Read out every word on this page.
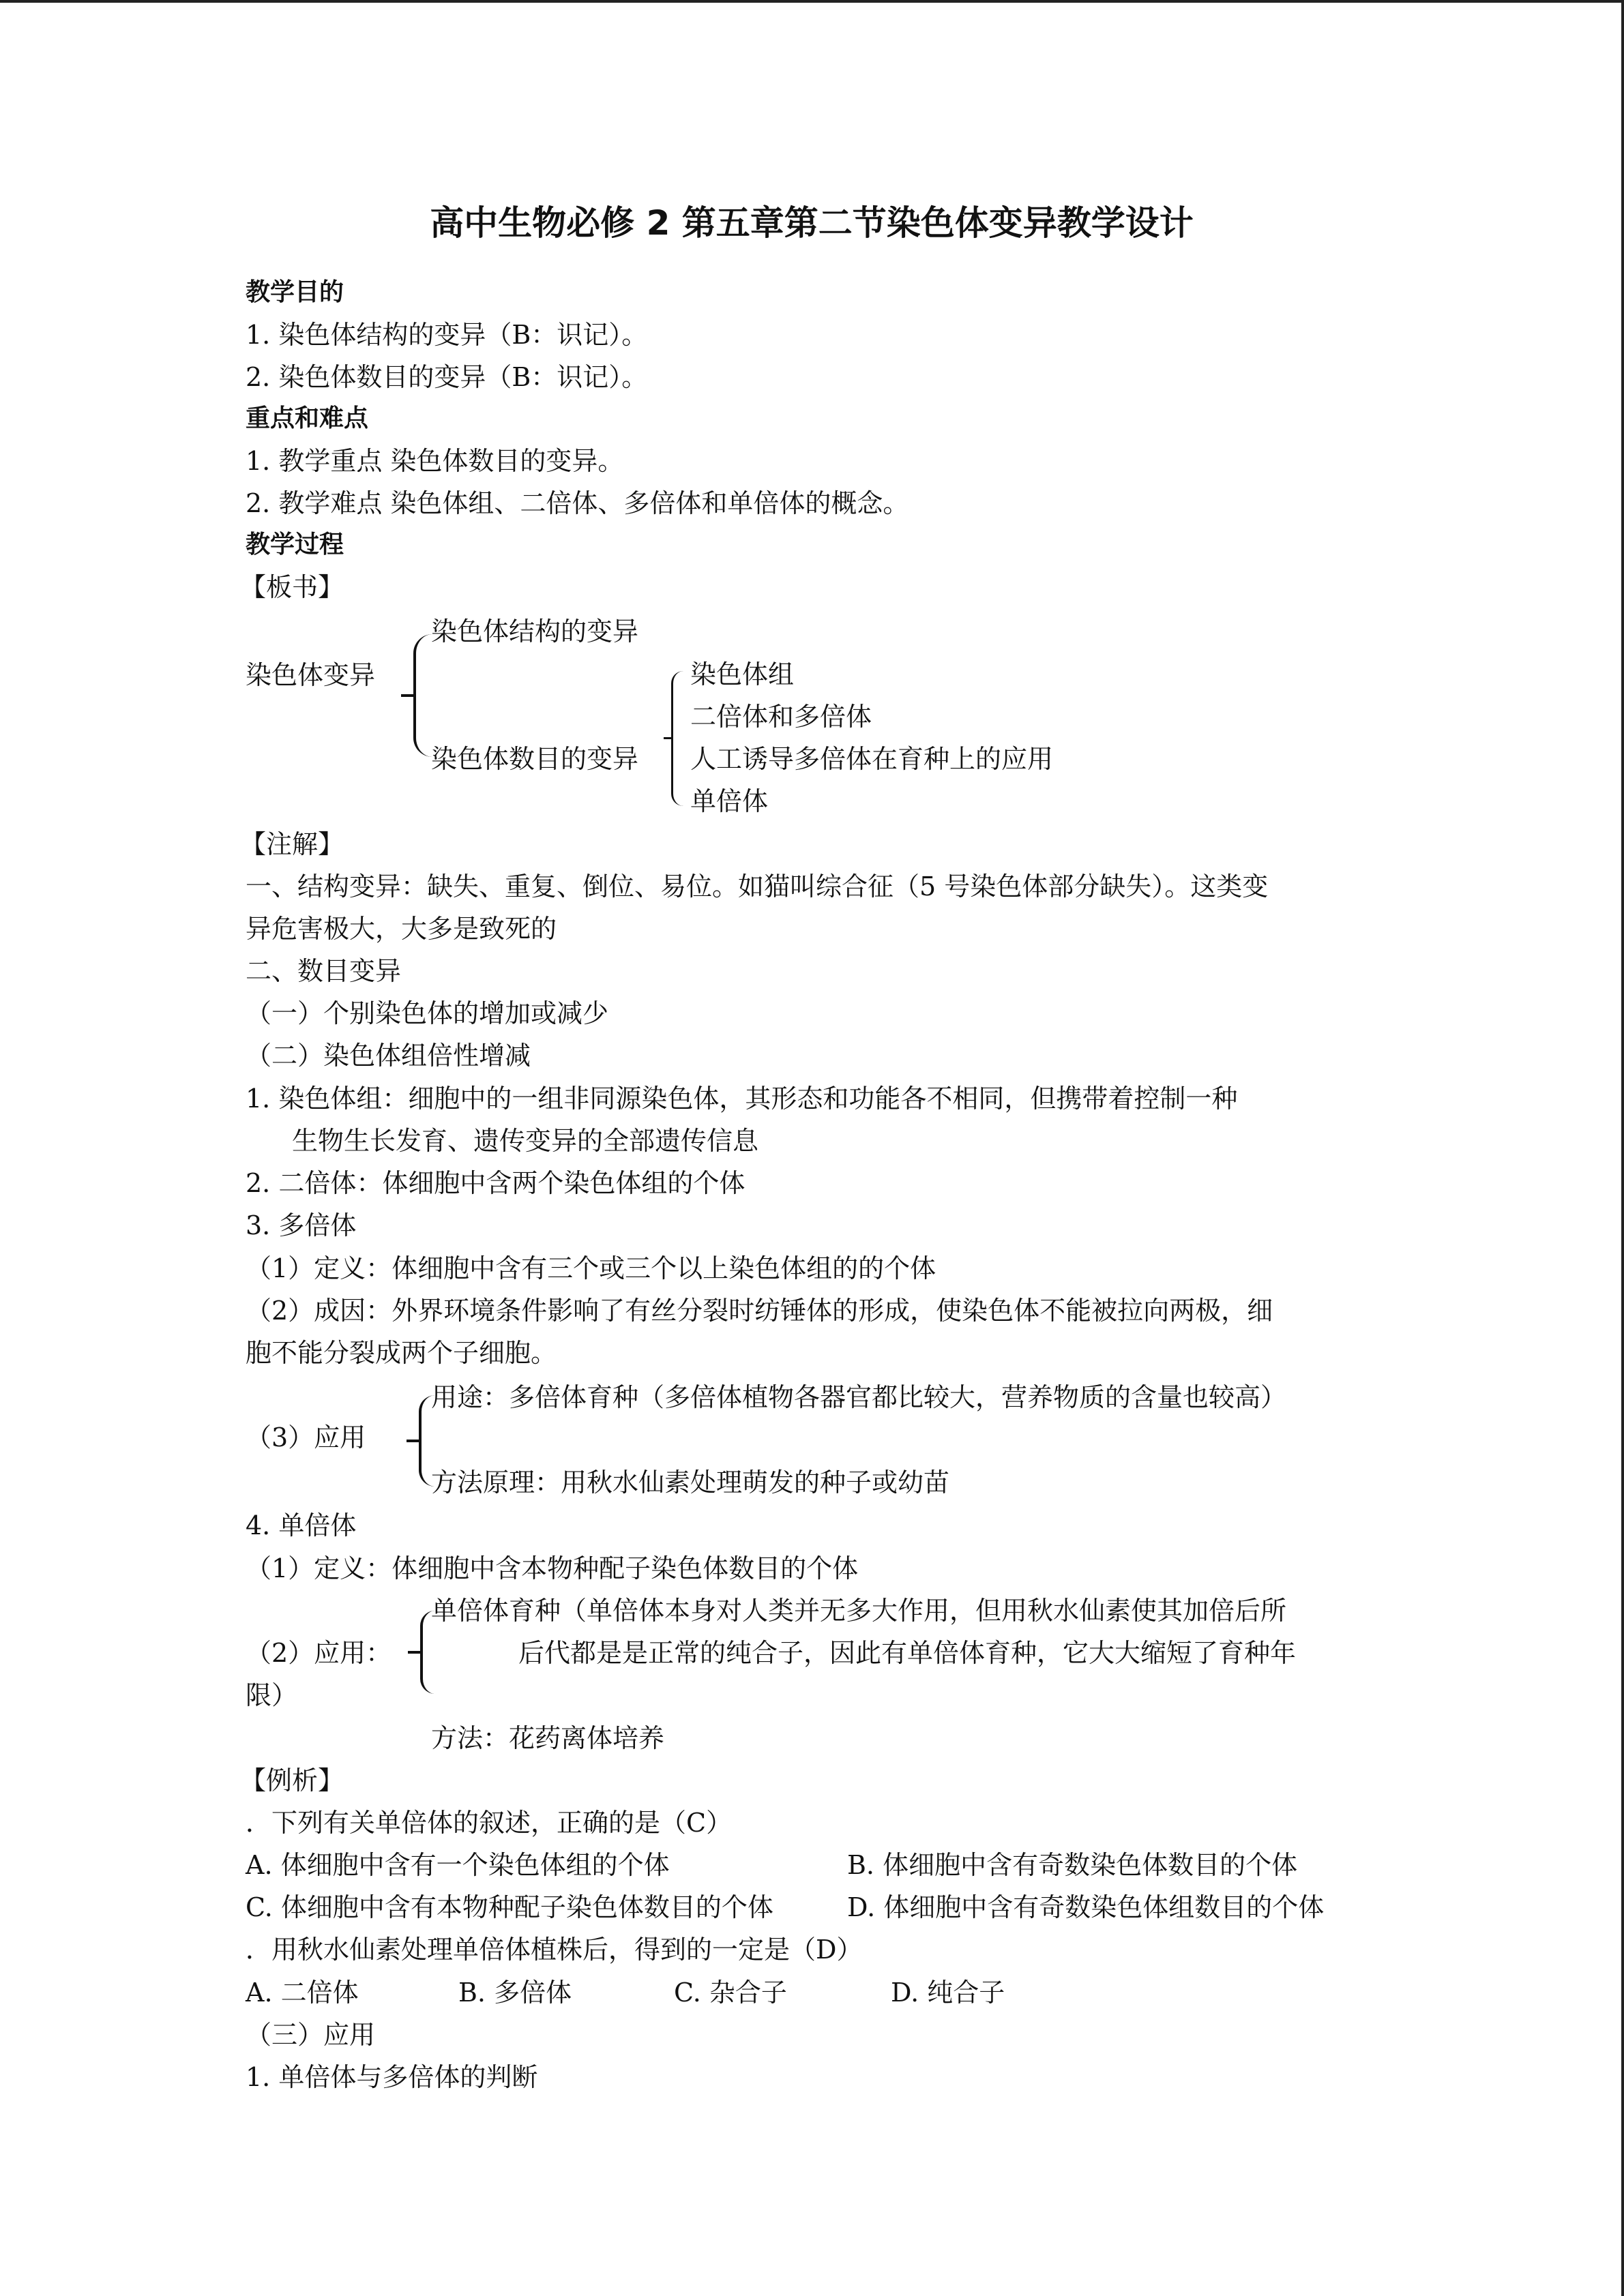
高中生物必修 2 第五章第二节染色体变异教学设计
教学目的
1. 染色体结构的变异（B：识记）。
2. 染色体数目的变异（B：识记）。
重点和难点
1. 教学重点 染色体数目的变异。
2. 教学难点 染色体组、二倍体、多倍体和单倍体的概念。
教学过程
【板书】
染色体变异
染色体结构的变异
染色体数目的变异
染色体组
二倍体和多倍体
人工诱导多倍体在育种上的应用
单倍体
【注解】
一、结构变异：缺失、重复、倒位、易位。如猫叫综合征（5 号染色体部分缺失）。这类变
异危害极大，大多是致死的
二、数目变异
（一）个别染色体的增加或减少
（二）染色体组倍性增减
1. 染色体组：细胞中的一组非同源染色体，其形态和功能各不相同，但携带着控制一种
生物生长发育、遗传变异的全部遗传信息
2. 二倍体：体细胞中含两个染色体组的个体
3. 多倍体
（1）定义：体细胞中含有三个或三个以上染色体组的的个体
（2）成因：外界环境条件影响了有丝分裂时纺锤体的形成，使染色体不能被拉向两极，细
胞不能分裂成两个子细胞。
（3）应用
用途：多倍体育种（多倍体植物各器官都比较大，营养物质的含量也较高）
方法原理：用秋水仙素处理萌发的种子或幼苗
4. 单倍体
（1）定义：体细胞中含本物种配子染色体数目的个体
（2）应用：
单倍体育种（单倍体本身对人类并无多大作用，但用秋水仙素使其加倍后所
后代都是是正常的纯合子，因此有单倍体育种，它大大缩短了育种年
限）
方法：花药离体培养
【例析】
．下列有关单倍体的叙述，正确的是（C）
A. 体细胞中含有一个染色体组的个体	B. 体细胞中含有奇数染色体数目的个体
C. 体细胞中含有本物种配子染色体数目的个体	D. 体细胞中含有奇数染色体组数目的个体
．用秋水仙素处理单倍体植株后，得到的一定是（D）
A. 二倍体	B. 多倍体	C. 杂合子	D. 纯合子
（三）应用
1. 单倍体与多倍体的判断
